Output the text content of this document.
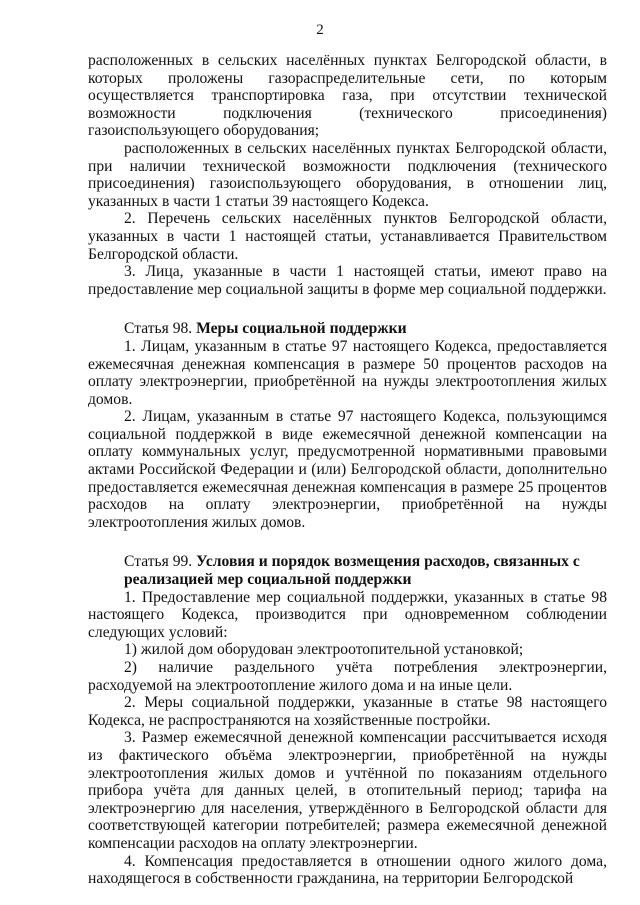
2

расположенных в сельских населённых пунктах Белгородской области, в которых проложены газораспределительные сети, по которым осуществляется транспортировка газа, при отсутствии технической возможности подключения (технического присоединения) газоиспользующего оборудования;

расположенных в сельских населённых пунктах Белгородской области, при наличии технической возможности подключения (технического присоединения) газоиспользующего оборудования, в отношении лиц, указанных в части 1 статьи 39 настоящего Кодекса.

2. Перечень сельских населённых пунктов Белгородской области, указанных в части 1 настоящей статьи, устанавливается Правительством Белгородской области.

3. Лица, указанные в части 1 настоящей статьи, имеют право на предоставление мер социальной защиты в форме мер социальной поддержки.

Статья 98. Меры социальной поддержки

1. Лицам, указанным в статье 97 настоящего Кодекса, предоставляется ежемесячная денежная компенсация в размере 50 процентов расходов на оплату электроэнергии, приобретённой на нужды электроотопления жилых домов.

2. Лицам, указанным в статье 97 настоящего Кодекса, пользующимся социальной поддержкой в виде ежемесячной денежной компенсации на оплату коммунальных услуг, предусмотренной нормативными правовыми актами Российской Федерации и (или) Белгородской области, дополнительно предоставляется ежемесячная денежная компенсация в размере 25 процентов расходов на оплату электроэнергии, приобретённой на нужды электроотопления жилых домов.

Статья 99. Условия и порядок возмещения расходов, связанных с

реализацией мер социальной поддержки

1. Предоставление мер социальной поддержки, указанных в статье 98 настоящего Кодекса, производится при одновременном соблюдении следующих условий:

1) жилой дом оборудован электроотопительной установкой;

2) наличие раздельного учёта потребления электроэнергии, расходуемой на электроотопление жилого дома и на иные цели.

2. Меры социальной поддержки, указанные в статье 98 настоящего Кодекса, не распространяются на хозяйственные постройки.

3. Размер ежемесячной денежной компенсации рассчитывается исходя из фактического объёма электроэнергии, приобретённой на нужды электроотопления жилых домов и учтённой по показаниям отдельного прибора учёта для данных целей, в отопительный период; тарифа на электроэнергию для населения, утверждённого в Белгородской области для соответствующей категории потребителей; размера ежемесячной денежной компенсации расходов на оплату электроэнергии.

4. Компенсация предоставляется в отношении одного жилого дома, находящегося в собственности гражданина, на территории Белгородской
